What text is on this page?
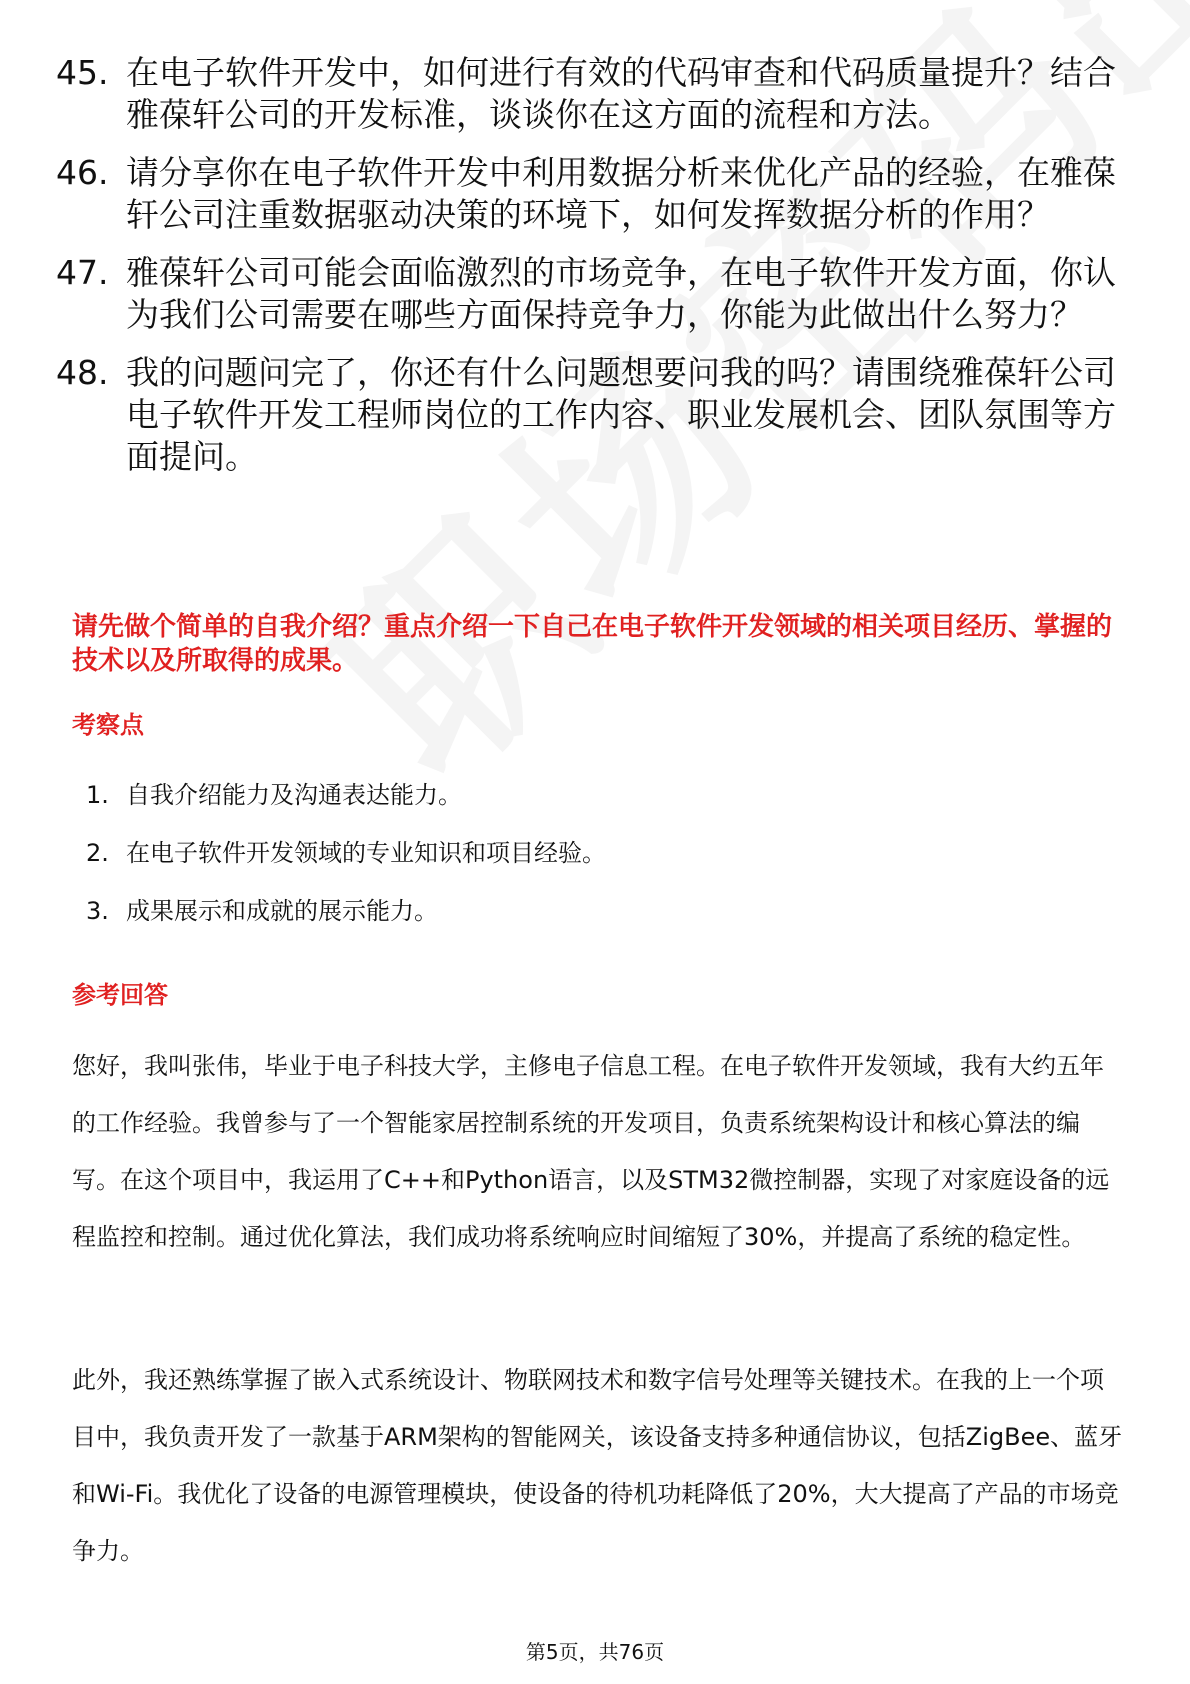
45. 在电子软件开发中，如何进行有效的代码审查和代码质量提升？结合雅葆轩公司的开发标准，谈谈你在这方面的流程和方法。
46. 请分享你在电子软件开发中利用数据分析来优化产品的经验，在雅葆轩公司注重数据驱动决策的环境下，如何发挥数据分析的作用？
47. 雅葆轩公司可能会面临激烈的市场竞争，在电子软件开发方面，你认为我们公司需要在哪些方面保持竞争力，你能为此做出什么努力？
48. 我的问题问完了，你还有什么问题想要问我的吗？请围绕雅葆轩公司电子软件开发工程师岗位的工作内容、职业发展机会、团队氛围等方面提问。
请先做个简单的自我介绍？重点介绍一下自己在电子软件开发领域的相关项目经历、掌握的技术以及所取得的成果。
考察点
1. 自我介绍能力及沟通表达能力。
2. 在电子软件开发领域的专业知识和项目经验。
3. 成果展示和成就的展示能力。
参考回答

您好，我叫张伟，毕业于电子科技大学，主修电子信息工程。在电子软件开发领域，我有大约五年的工作经验。我曾参与了一个智能家居控制系统的开发项目，负责系统架构设计和核心算法的编写。在这个项目中，我运用了C++和Python语言，以及STM32微控制器，实现了对家庭设备的远程监控和控制。通过优化算法，我们成功将系统响应时间缩短了30%，并提高了系统的稳定性。

此外，我还熟练掌握了嵌入式系统设计、物联网技术和数字信号处理等关键技术。在我的上一个项目中，我负责开发了一款基于ARM架构的智能网关，该设备支持多种通信协议，包括ZigBee、蓝牙和Wi-Fi。我优化了设备的电源管理模块，使设备的待机功耗降低了20%，大大提高了产品的市场竞争力。

第5页，共76页
